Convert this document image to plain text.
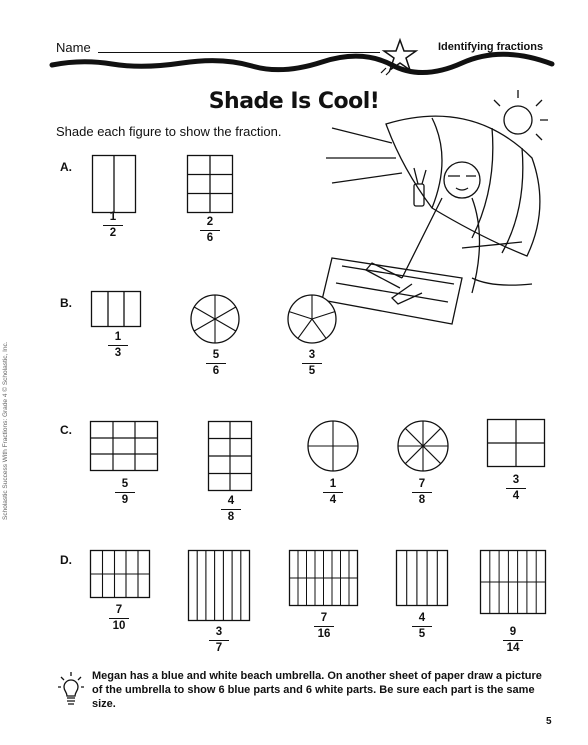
Name	Identifying fractions
Shade Is Cool!
Shade each figure to show the fraction.
A.
B.
C.
D.
1
2
2
6
1
3	5
6
3
5
5
9	4
8
1
4
7
8
3
4
7
10	3
7
7
16
4
5	9
14
Megan has a blue and white beach umbrella. On another sheet of paper draw a picture of the umbrella to show 6 blue parts and 6 white parts. Be sure each part is the same size.
Scholastic Success With Fractions: Grade 4 © Scholastic, Inc.
5
